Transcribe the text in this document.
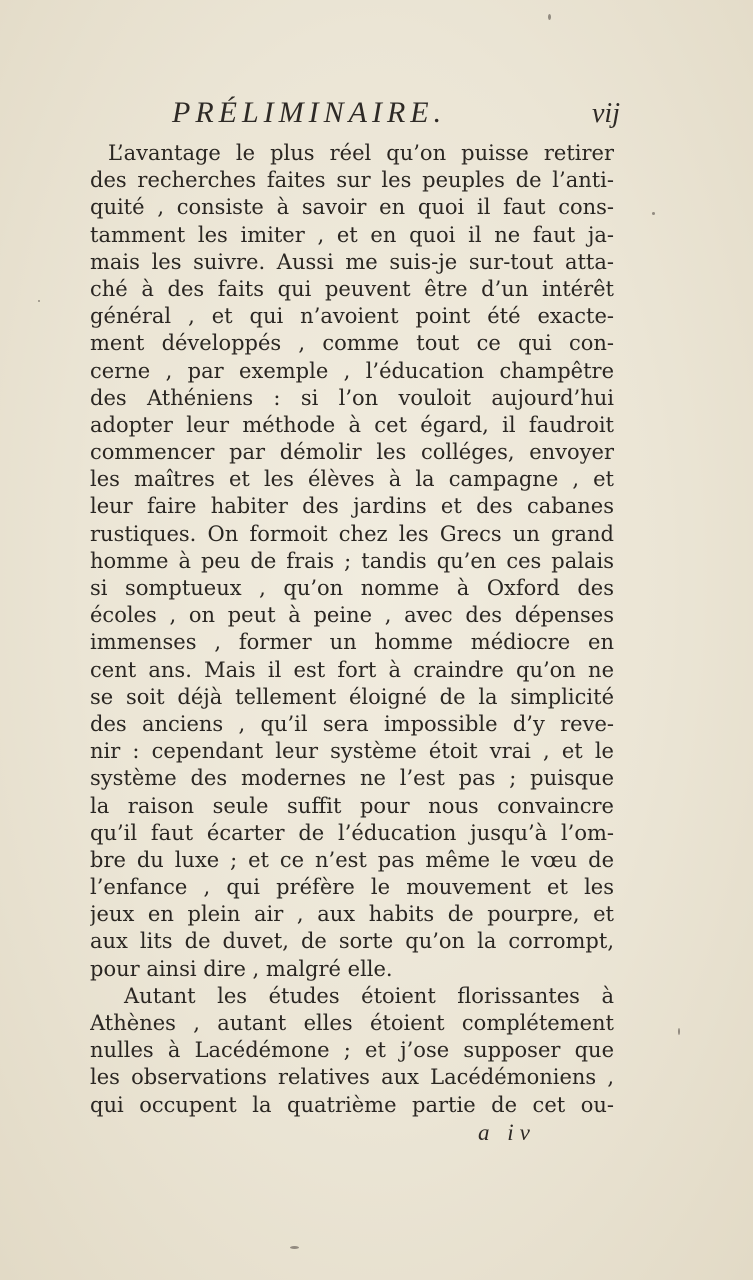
PRÉLIMINAIRE.	vij
L’avantage le plus réel qu’on puisse retirer
des recherches faites sur les peuples de l’anti-
quité , consiste à savoir en quoi il faut cons-
tamment les imiter , et en quoi il ne faut ja-
mais les suivre. Aussi me suis-je sur-tout atta-
ché à des faits qui peuvent être d’un intérêt
général , et qui n’avoient point été exacte-
ment développés , comme tout ce qui con-
cerne , par exemple , l’éducation champêtre
des Athéniens : si l’on vouloit aujourd’hui
adopter leur méthode à cet égard, il faudroit
commencer par démolir les colléges, envoyer
les maîtres et les élèves à la campagne , et
leur faire habiter des jardins et des cabanes
rustiques. On formoit chez les Grecs un grand
homme à peu de frais ; tandis qu’en ces palais
si somptueux , qu’on nomme à Oxford des
écoles , on peut à peine , avec des dépenses
immenses , former un homme médiocre en
cent ans. Mais il est fort à craindre qu’on ne
se soit déjà tellement éloigné de la simplicité
des anciens , qu’il sera impossible d’y reve-
nir : cependant leur système étoit vrai , et le
système des modernes ne l’est pas ; puisque
la raison seule suffit pour nous convaincre
qu’il faut écarter de l’éducation jusqu’à l’om-
bre du luxe ; et ce n’est pas même le vœu de
l’enfance , qui préfère le mouvement et les
jeux en plein air , aux habits de pourpre, et
aux lits de duvet, de sorte qu’on la corrompt,
pour ainsi dire , malgré elle.
Autant les études étoient florissantes à
Athènes , autant elles étoient complétement
nulles à Lacédémone ; et j’ose supposer que
les observations relatives aux Lacédémoniens ,
qui occupent la quatrième partie de cet ou-
a iv
